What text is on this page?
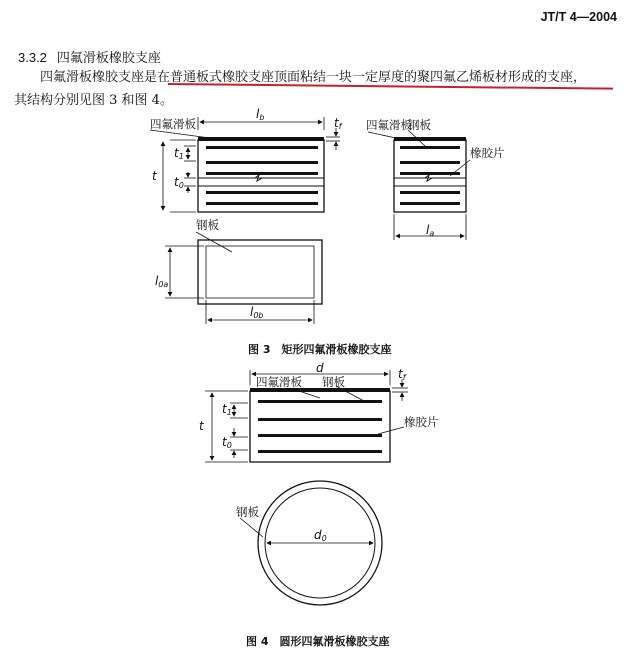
JT/T 4—2004
3.3.2 四氟滑板橡胶支座
四氟滑板橡胶支座是在普通板式橡胶支座顶面粘结一块一定厚度的聚四氟乙烯板材形成的支座，
其结构分别见图 3 和图 4。
lb	tf
t
t1
t0
四氟滑板	四氟滑板
钢板
橡胶片
la
钢板
l0a
l0b
d	tf
t
t1
t0
四氟滑板 钢板
橡胶片
钢板
d0
图 3　矩形四氟滑板橡胶支座
图 4　圆形四氟滑板橡胶支座
